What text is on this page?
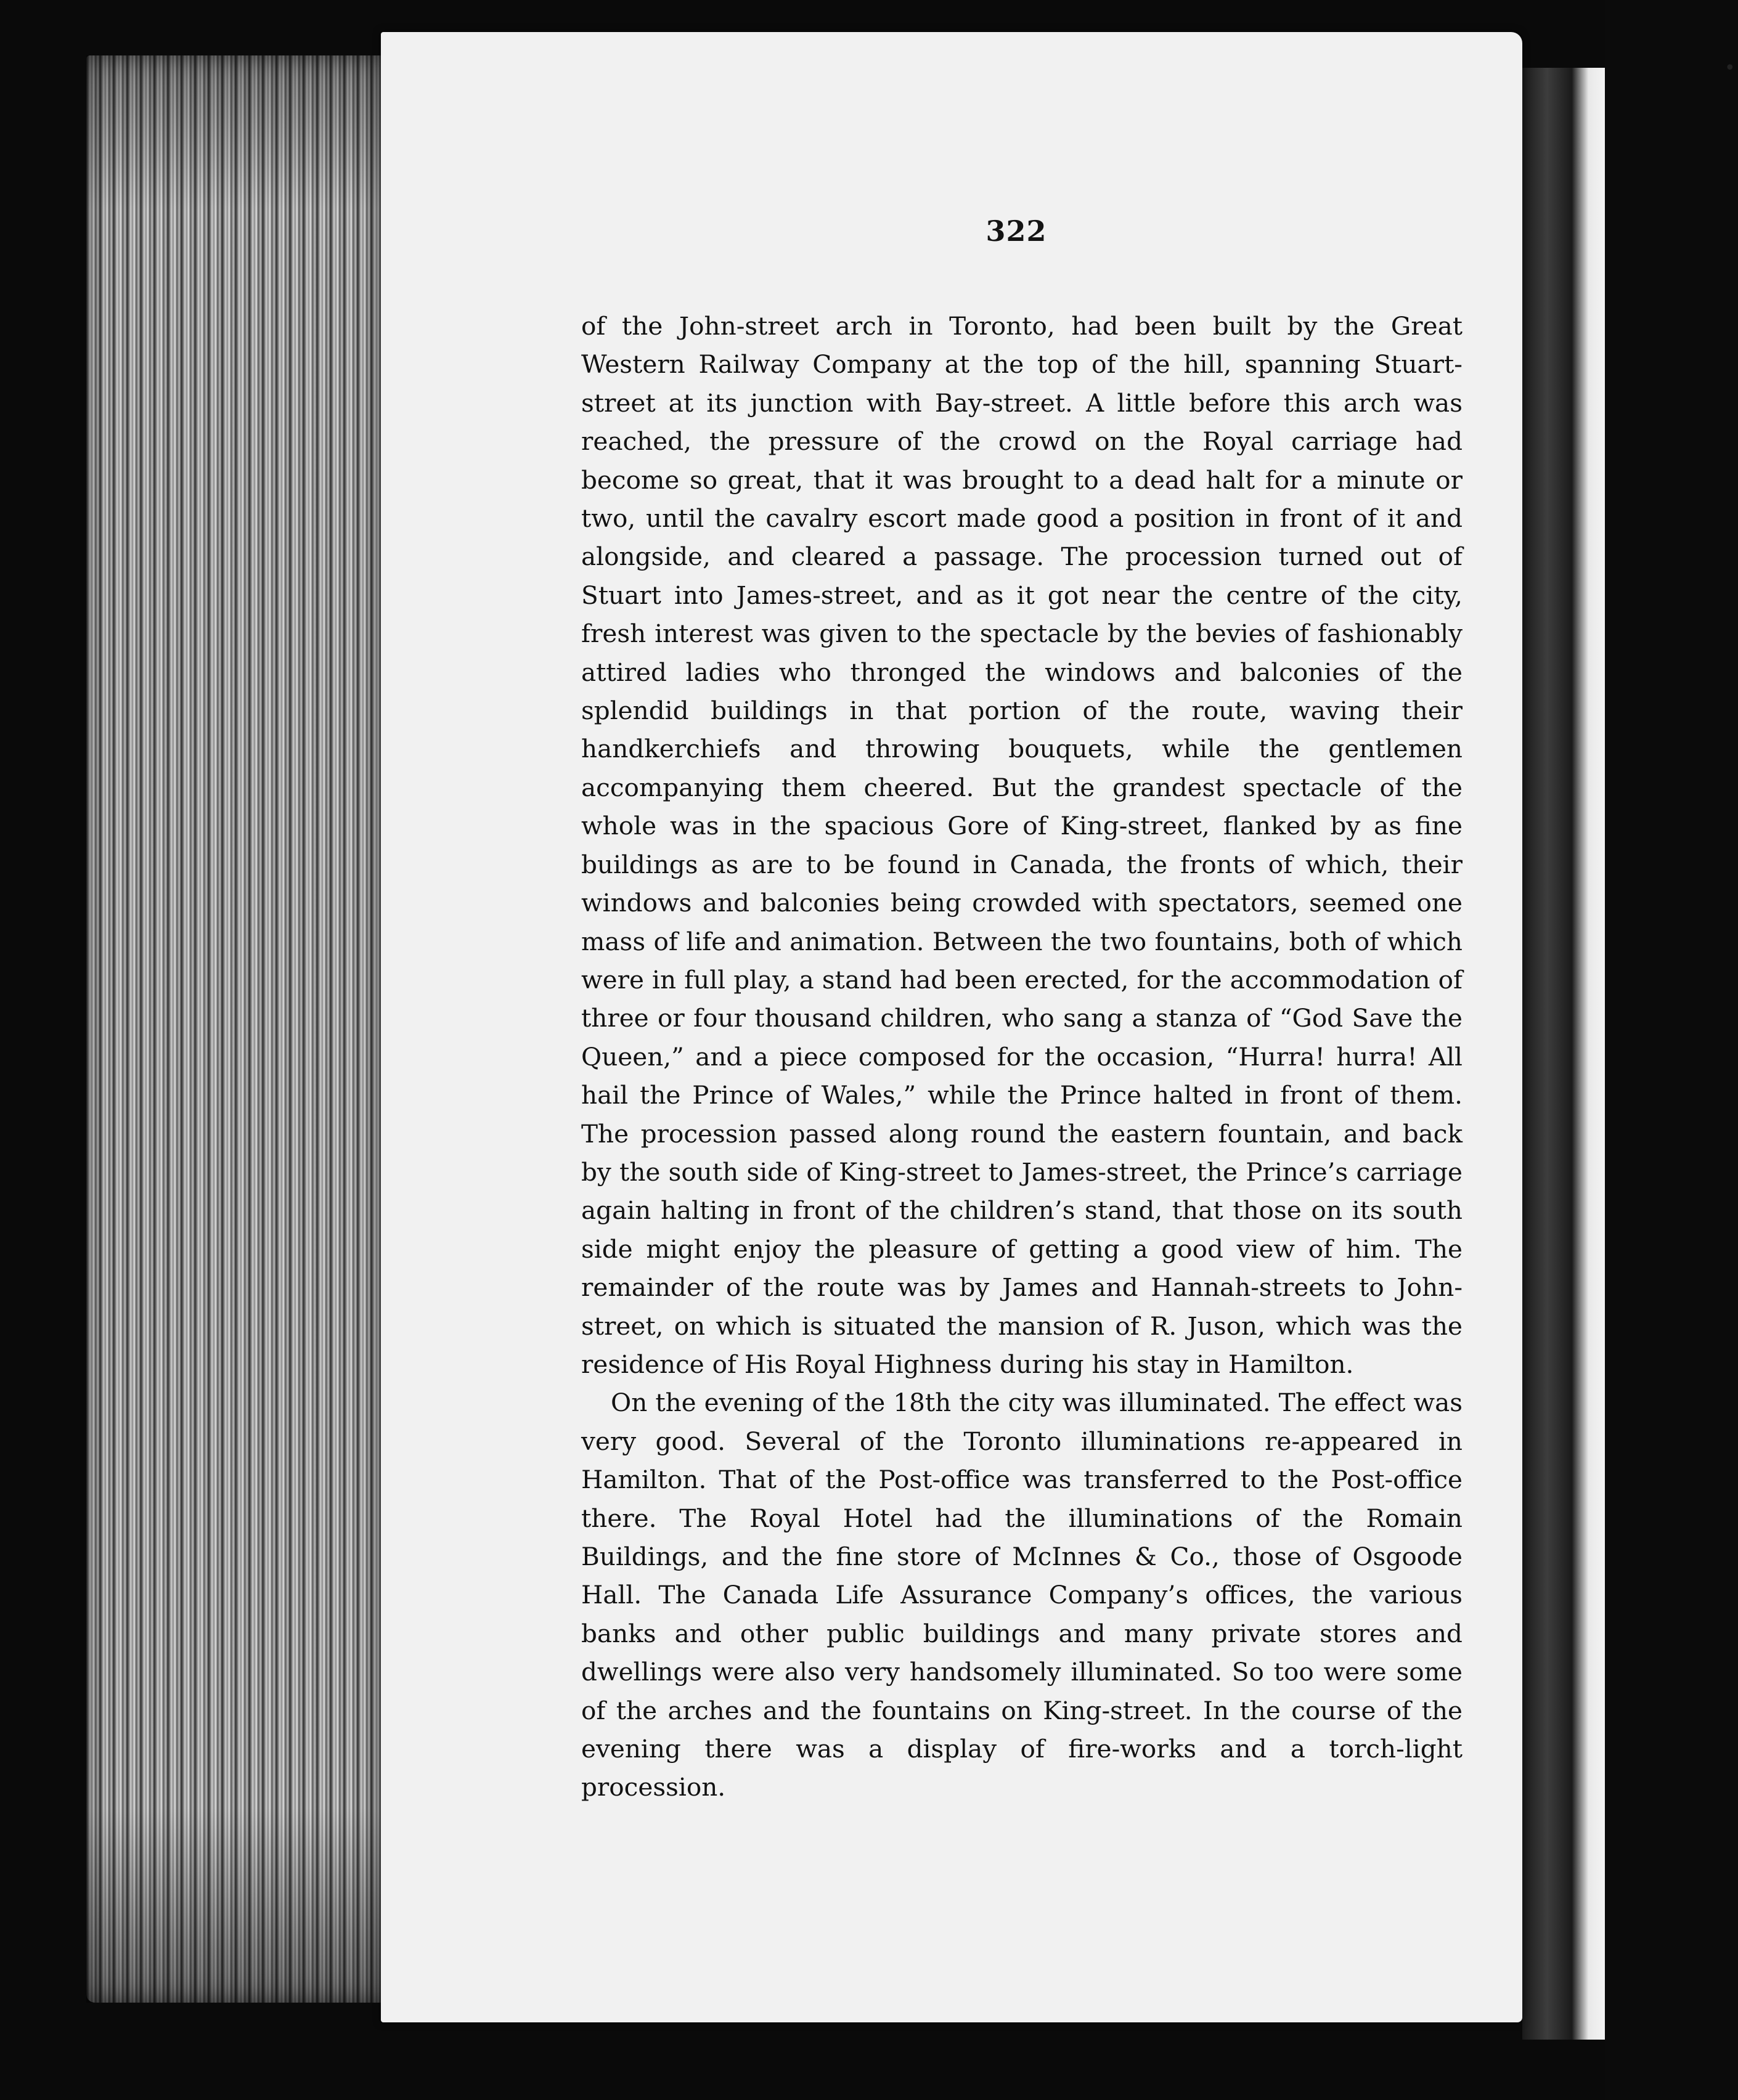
•
322

of the John-street arch in Toronto, had been built by the Great Western Railway Company at the top of the hill, spanning Stuart-street at its junction with Bay-street. A little before this arch was reached, the pressure of the crowd on the Royal carriage had become so great, that it was brought to a dead halt for a minute or two, until the cavalry escort made good a position in front of it and alongside, and cleared a passage. The procession turned out of Stuart into James-street, and as it got near the centre of the city, fresh interest was given to the spectacle by the bevies of fashionably attired ladies who thronged the windows and balconies of the splendid buildings in that portion of the route, waving their handkerchiefs and throwing bouquets, while the gentlemen accompanying them cheered. But the grandest spectacle of the whole was in the spacious Gore of King-street, flanked by as fine buildings as are to be found in Canada, the fronts of which, their windows and balconies being crowded with spectators, seemed one mass of life and animation. Between the two fountains, both of which were in full play, a stand had been erected, for the accommodation of three or four thousand children, who sang a stanza of “God Save the Queen,” and a piece composed for the occasion, “Hurra! hurra! All hail the Prince of Wales,” while the Prince halted in front of them. The procession passed along round the eastern fountain, and back by the south side of King-street to James-street, the Prince’s carriage again halting in front of the children’s stand, that those on its south side might enjoy the pleasure of getting a good view of him. The remainder of the route was by James and Hannah-streets to John-street, on which is situated the mansion of R. Juson, which was the residence of His Royal Highness during his stay in Hamilton.

On the evening of the 18th the city was illuminated. The effect was very good. Several of the Toronto illuminations re-appeared in Hamilton. That of the Post-office was transferred to the Post-office there. The Royal Hotel had the illuminations of the Romain Buildings, and the fine store of McInnes & Co., those of Osgoode Hall. The Canada Life Assurance Company’s offices, the various banks and other public buildings and many private stores and dwellings were also very handsomely illuminated. So too were some of the arches and the fountains on King-street. In the course of the evening there was a display of fire-works and a torch-light procession.
